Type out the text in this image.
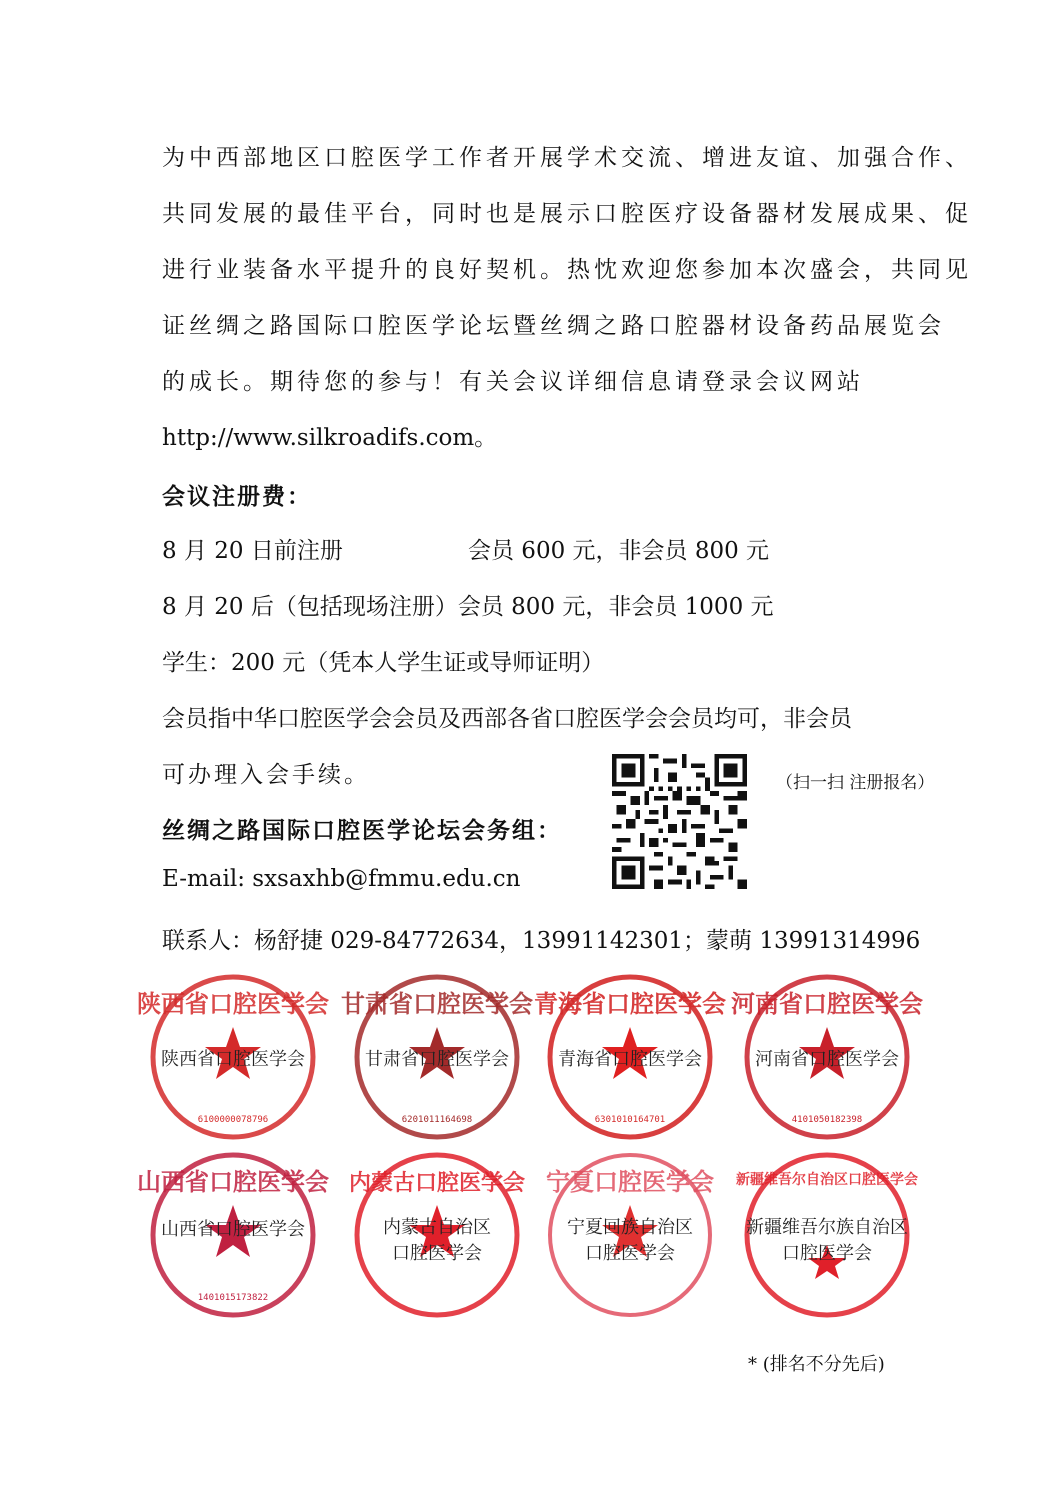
为中西部地区口腔医学工作者开展学术交流、增进友谊、加强合作、
共同发展的最佳平台，同时也是展示口腔医疗设备器材发展成果、促
进行业装备水平提升的良好契机。热忱欢迎您参加本次盛会，共同见
证丝绸之路国际口腔医学论坛暨丝绸之路口腔器材设备药品展览会
的成长。期待您的参与！有关会议详细信息请登录会议网站
http://www.silkroadifs.com。
会议注册费：
8 月 20 日前注册	会员 600 元，非会员 800 元
8 月 20 后（包括现场注册）会员 800 元，非会员 1000 元
学生：200 元（凭本人学生证或导师证明）
会员指中华口腔医学会会员及西部各省口腔医学会会员均可，非会员
可办理入会手续。	（扫一扫 注册报名）
丝绸之路国际口腔医学论坛会务组：
E-mail: sxsaxhb@fmmu.edu.cn
联系人：杨舒捷 029-84772634，13991142301；蒙萌 13991314996
陕西省口腔医学会
6100000078796
陕西省口腔医学会
甘肃省口腔医学会
6201011164698
甘肃省口腔医学会
青海省口腔医学会
6301010164701
青海省口腔医学会
河南省口腔医学会
4101050182398
河南省口腔医学会
山西省口腔医学会
1401015173822
山西省口腔医学会
内蒙古口腔医学会
内蒙古自治区
口腔医学会
宁夏口腔医学会
宁夏回族自治区
口腔医学会
新疆维吾尔自治区口腔医学会
新疆维吾尔族自治区
口腔医学会
* (排名不分先后)
